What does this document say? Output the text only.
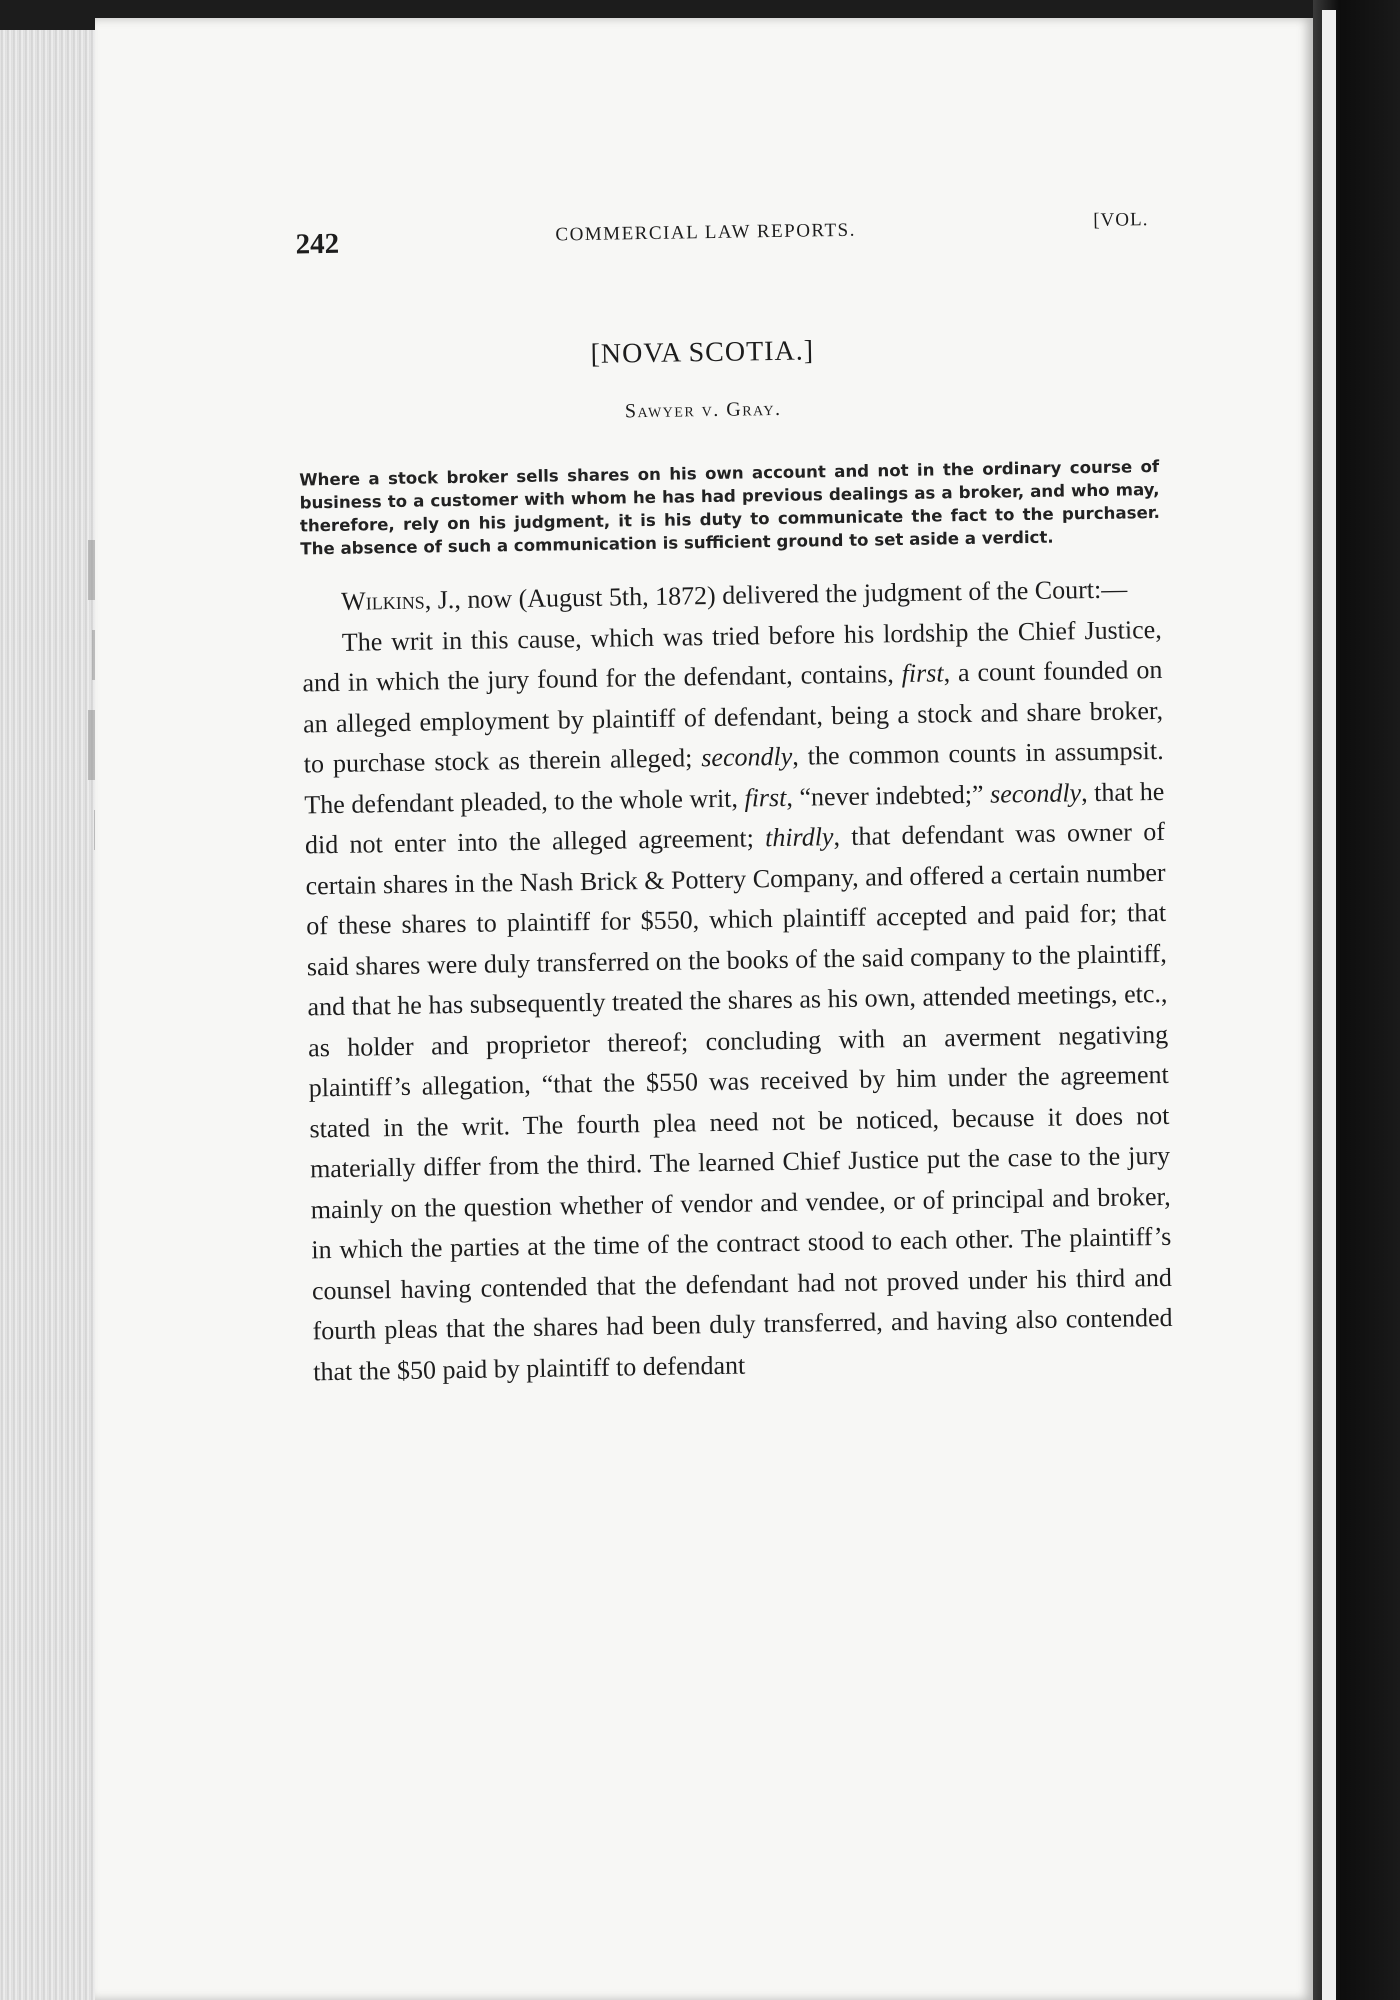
242	COMMERCIAL LAW REPORTS.	[VOL.
[NOVA SCOTIA.]
Sawyer v. Gray.
Where a stock broker sells shares on his own account and not in the ordinary course of business to a customer with whom he has had previous dealings as a broker, and who may, therefore, rely on his judgment, it is his duty to communicate the fact to the purchaser. The absence of such a communication is sufficient ground to set aside a verdict.

Wilkins, J., now (August 5th, 1872) delivered the judgment of the Court:—

The writ in this cause, which was tried before his lordship the Chief Justice, and in which the jury found for the defendant, contains, first, a count founded on an alleged employment by plaintiff of defendant, being a stock and share broker, to purchase stock as therein alleged; secondly, the common counts in assumpsit. The defendant pleaded, to the whole writ, first, “never indebted;” secondly, that he did not enter into the alleged agreement; thirdly, that defendant was owner of certain shares in the Nash Brick & Pottery Company, and offered a certain number of these shares to plaintiff for $550, which plaintiff accepted and paid for; that said shares were duly transferred on the books of the said company to the plaintiff, and that he has subsequently treated the shares as his own, attended meetings, etc., as holder and proprietor thereof; concluding with an averment negativing plaintiff’s allegation, “that the $550 was received by him under the agreement stated in the writ. The fourth plea need not be noticed, because it does not materially differ from the third. The learned Chief Justice put the case to the jury mainly on the question whether of vendor and vendee, or of principal and broker, in which the parties at the time of the contract stood to each other. The plaintiff’s counsel having contended that the defendant had not proved under his third and fourth pleas that the shares had been duly transferred, and having also contended that the $50 paid by plaintiff to defendant
